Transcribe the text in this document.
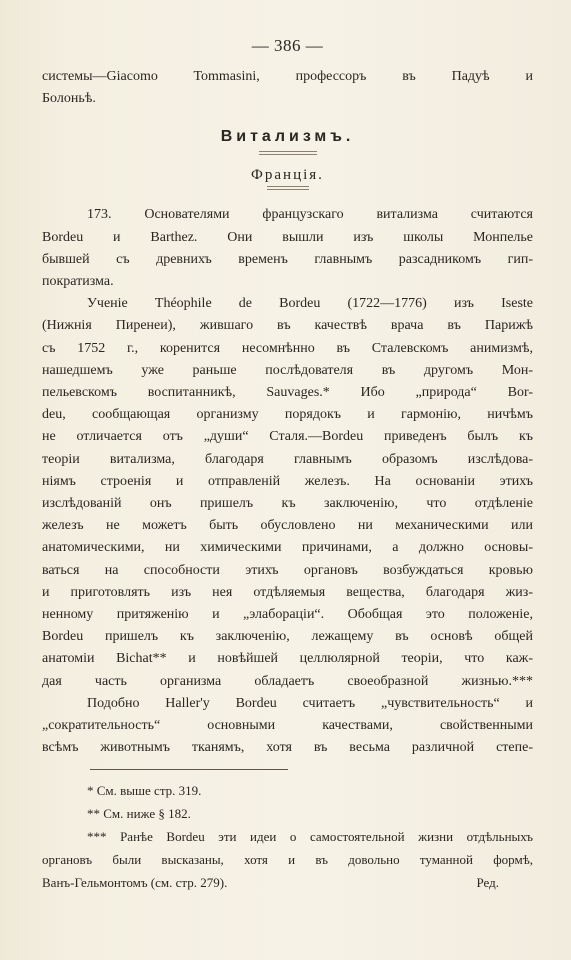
— 386 —
системы—Giacomo Tommasini, профессоръ въ Падуѣ и
Болоньѣ.
Витализмъ.
Франція.
173. Основателями французскаго витализма считаются
Bordeu и Barthez. Они вышли изъ школы Монпелье
бывшей съ древнихъ временъ главнымъ разсадникомъ гип-
пократизма.
Ученіе Théophile de Bordeu (1722—1776) изъ Iseste
(Нижнія Пиренеи), жившаго въ качествѣ врача въ Парижѣ
съ 1752 г., коренится несомнѣнно въ Сталевскомъ анимизмѣ,
нашедшемъ уже раньше послѣдователя въ другомъ Мон-
пельевскомъ воспитанникѣ, Sauvages.* Ибо „природа“ Bor-
deu, сообщающая организму порядокъ и гармонію, ничѣмъ
не отличается отъ „души“ Сталя.—Bordeu приведенъ былъ къ
теоріи витализма, благодаря главнымъ образомъ изслѣдова-
ніямъ строенія и отправленій железъ. На основаніи этихъ
изслѣдованій онъ пришелъ къ заключенію, что отдѣленіе
железъ не можетъ быть обусловлено ни механическими или
анатомическими, ни химическими причинами, а должно основы-
ваться на способности этихъ органовъ возбуждаться кровью
и приготовлять изъ нея отдѣляемыя вещества, благодаря жиз-
ненному притяженію и „элабораціи“. Обобщая это положеніе,
Bordeu пришелъ къ заключенію, лежащему въ основѣ общей
анатоміи Bichat** и новѣйшей целлюлярной теоріи, что каж-
дая часть организма обладаетъ своеобразной жизнью.***
Подобно Haller'у Bordeu считаетъ „чувствительность“ и
„сократительность“ основными качествами, свойственными
всѣмъ животнымъ тканямъ, хотя въ весьма различной степе-
* См. выше стр. 319.
** См. ниже § 182.
*** Ранѣе Bordeu эти идеи о самостоятельной жизни отдѣльныхъ
органовъ были высказаны, хотя и въ довольно туманной формѣ,
Ванъ-Гельмонтомъ (см. стр. 279).	Ред.
